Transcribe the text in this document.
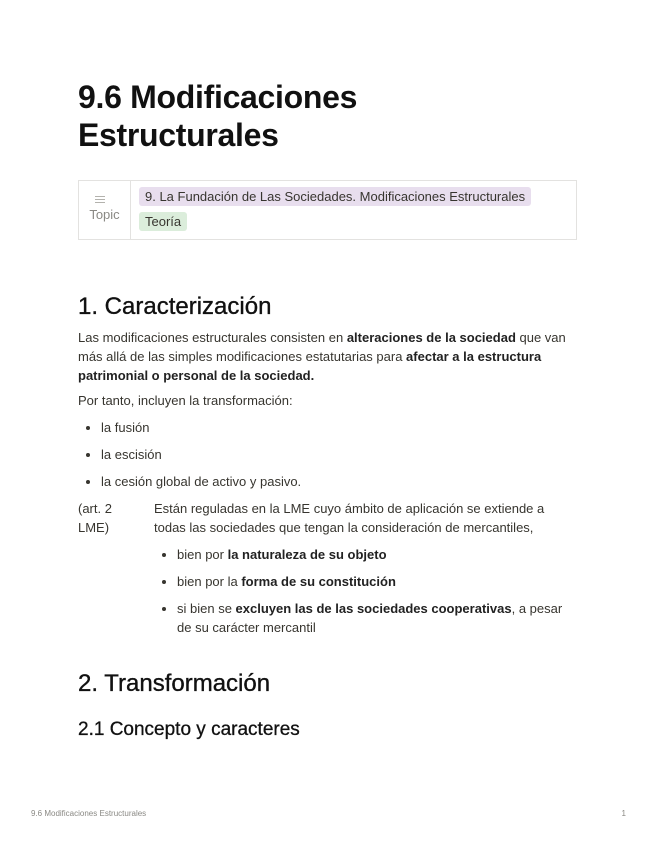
9.6 Modificaciones
Estructurales
Topic
9. La Fundación de Las Sociedades. Modificaciones Estructurales
Teoría
1. Caracterización

Las modificaciones estructurales consisten en alteraciones de la sociedad que van más allá de las simples modificaciones estatutarias para afectar a la estructura patrimonial o personal de la sociedad.

Por tanto, incluyen la transformación:

• la fusión
• la escisión
• la cesión global de activo y pasivo.
(art. 2
LME)

Están reguladas en la LME cuyo ámbito de aplicación se extiende a todas las sociedades que tengan la consideración de mercantiles,

• bien por la naturaleza de su objeto
• bien por la forma de su constitución
• si bien se excluyen las de las sociedades cooperativas, a pesar de su carácter mercantil
2. Transformación
2.1 Concepto y caracteres
9.6 Modificaciones Estructurales	1
